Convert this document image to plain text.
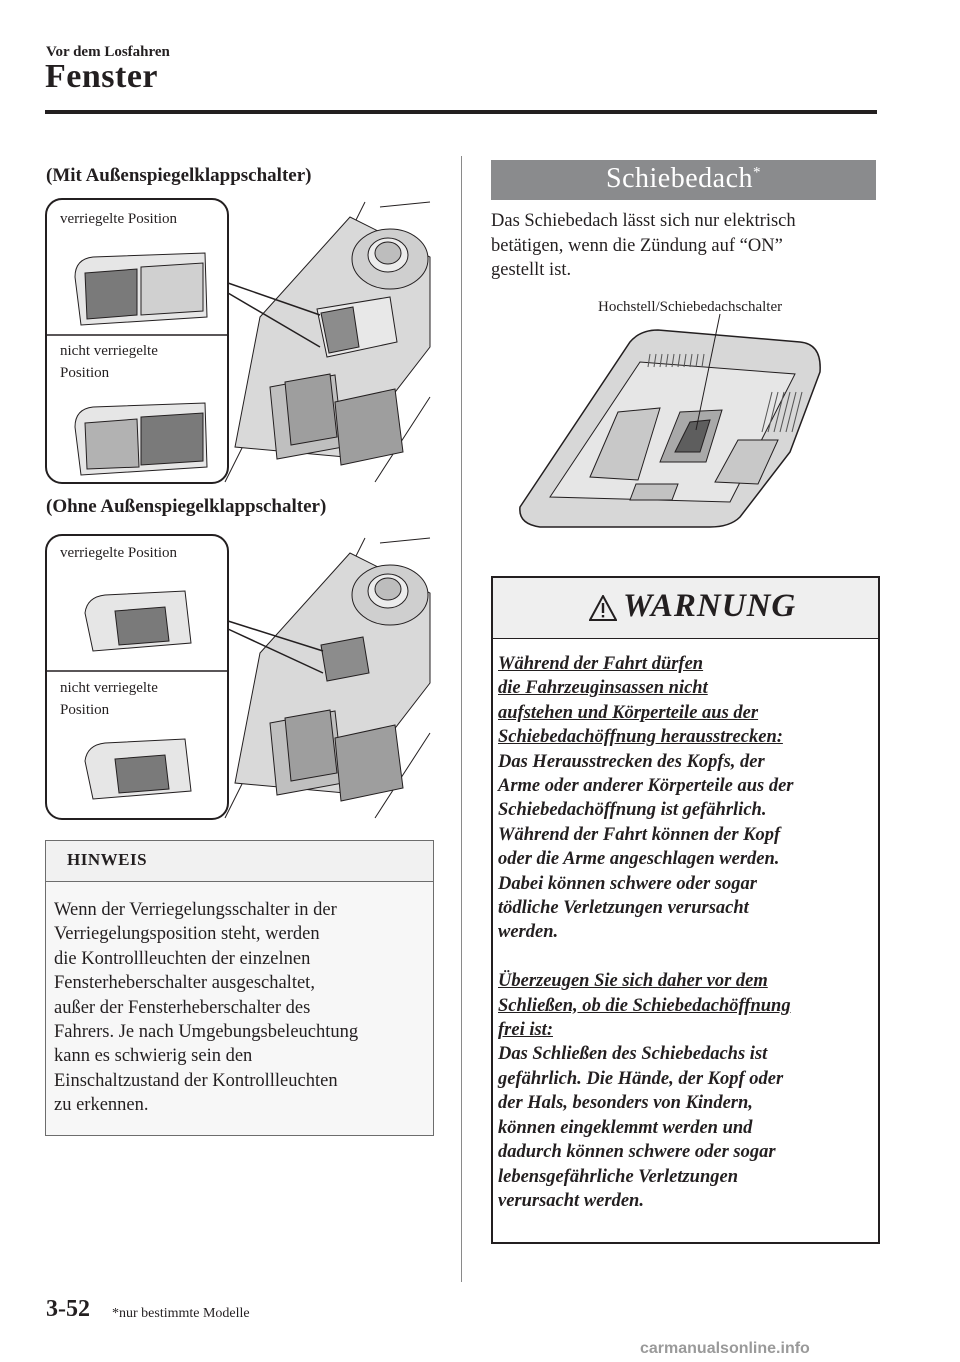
Vor dem Losfahren
Fenster
(Mit Außenspiegelklappschalter)
verriegelte Position
nicht verriegelte
Position
(Ohne Außenspiegelklappschalter)
verriegelte Position
nicht verriegelte
Position
HINWEIS
Wenn der Verriegelungsschalter in der
Verriegelungsposition steht, werden
die Kontrollleuchten der einzelnen
Fensterheberschalter ausgeschaltet,
außer der Fensterheberschalter des
Fahrers. Je nach Umgebungsbeleuchtung
kann es schwierig sein den
Einschaltzustand der Kontrollleuchten
zu erkennen.
Schiebedach*
Das Schiebedach lässt sich nur elektrisch
betätigen, wenn die Zündung auf “ON”
gestellt ist.
Hochstell/Schiebedachschalter
WARNUNG

Während der Fahrt dürfen

die Fahrzeuginsassen nicht

aufstehen und Körperteile aus der

Schiebedachöffnung herausstrecken:

Das Herausstrecken des Kopfs, der

Arme oder anderer Körperteile aus der

Schiebedachöffnung ist gefährlich.

Während der Fahrt können der Kopf

oder die Arme angeschlagen werden.

Dabei können schwere oder sogar

tödliche Verletzungen verursacht

werden.

Überzeugen Sie sich daher vor dem

Schließen, ob die Schiebedachöffnung

frei ist:

Das Schließen des Schiebedachs ist

gefährlich. Die Hände, der Kopf oder

der Hals, besonders von Kindern,

können eingeklemmt werden und

dadurch können schwere oder sogar

lebensgefährliche Verletzungen

verursacht werden.

3-52 *nur bestimmte Modelle
carmanualsonline.info
